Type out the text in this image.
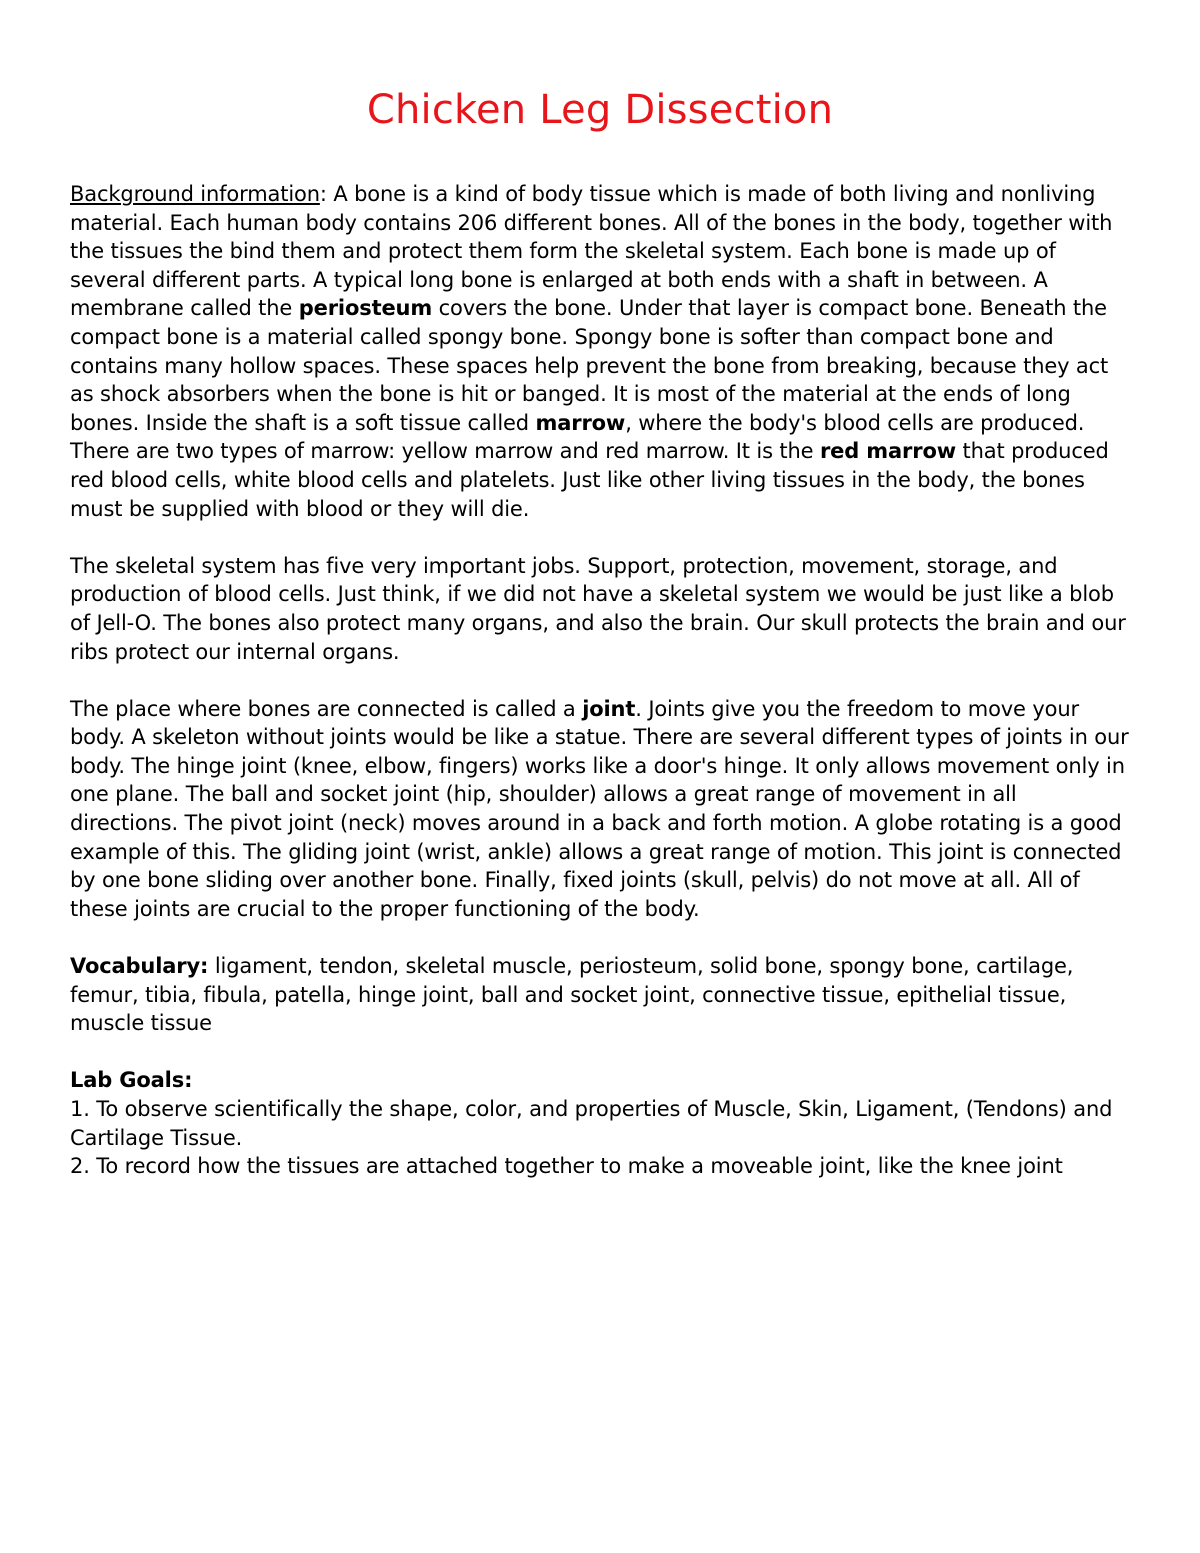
Chicken Leg Dissection

Background information: A bone is a kind of body tissue which is made of both living and nonliving material. Each human body contains 206 different bones. All of the bones in the body, together with the tissues the bind them and protect them form the skeletal system. Each bone is made up of several different parts. A typical long bone is enlarged at both ends with a shaft in between. A membrane called the periosteum covers the bone. Under that layer is compact bone. Beneath the compact bone is a material called spongy bone. Spongy bone is softer than compact bone and contains many hollow spaces. These spaces help prevent the bone from breaking, because they act as shock absorbers when the bone is hit or banged. It is most of the material at the ends of long bones. Inside the shaft is a soft tissue called marrow, where the body's blood cells are produced. There are two types of marrow: yellow marrow and red marrow. It is the red marrow that produced red blood cells, white blood cells and platelets. Just like other living tissues in the body, the bones must be supplied with blood or they will die.

The skeletal system has five very important jobs. Support, protection, movement, storage, and production of blood cells. Just think, if we did not have a skeletal system we would be just like a blob of Jell-O. The bones also protect many organs, and also the brain. Our skull protects the brain and our ribs protect our internal organs.

The place where bones are connected is called a joint. Joints give you the freedom to move your body. A skeleton without joints would be like a statue. There are several different types of joints in our body. The hinge joint (knee, elbow, fingers) works like a door's hinge. It only allows movement only in one plane. The ball and socket joint (hip, shoulder) allows a great range of movement in all directions. The pivot joint (neck) moves around in a back and forth motion. A globe rotating is a good example of this. The gliding joint (wrist, ankle) allows a great range of motion. This joint is connected by one bone sliding over another bone. Finally, fixed joints (skull, pelvis) do not move at all. All of these joints are crucial to the proper functioning of the body.

Vocabulary: ligament, tendon, skeletal muscle, periosteum, solid bone, spongy bone, cartilage, femur, tibia, fibula, patella, hinge joint, ball and socket joint, connective tissue, epithelial tissue, muscle tissue

Lab Goals:
1. To observe scientifically the shape, color, and properties of Muscle, Skin, Ligament, (Tendons) and Cartilage Tissue.
2. To record how the tissues are attached together to make a moveable joint, like the knee joint
